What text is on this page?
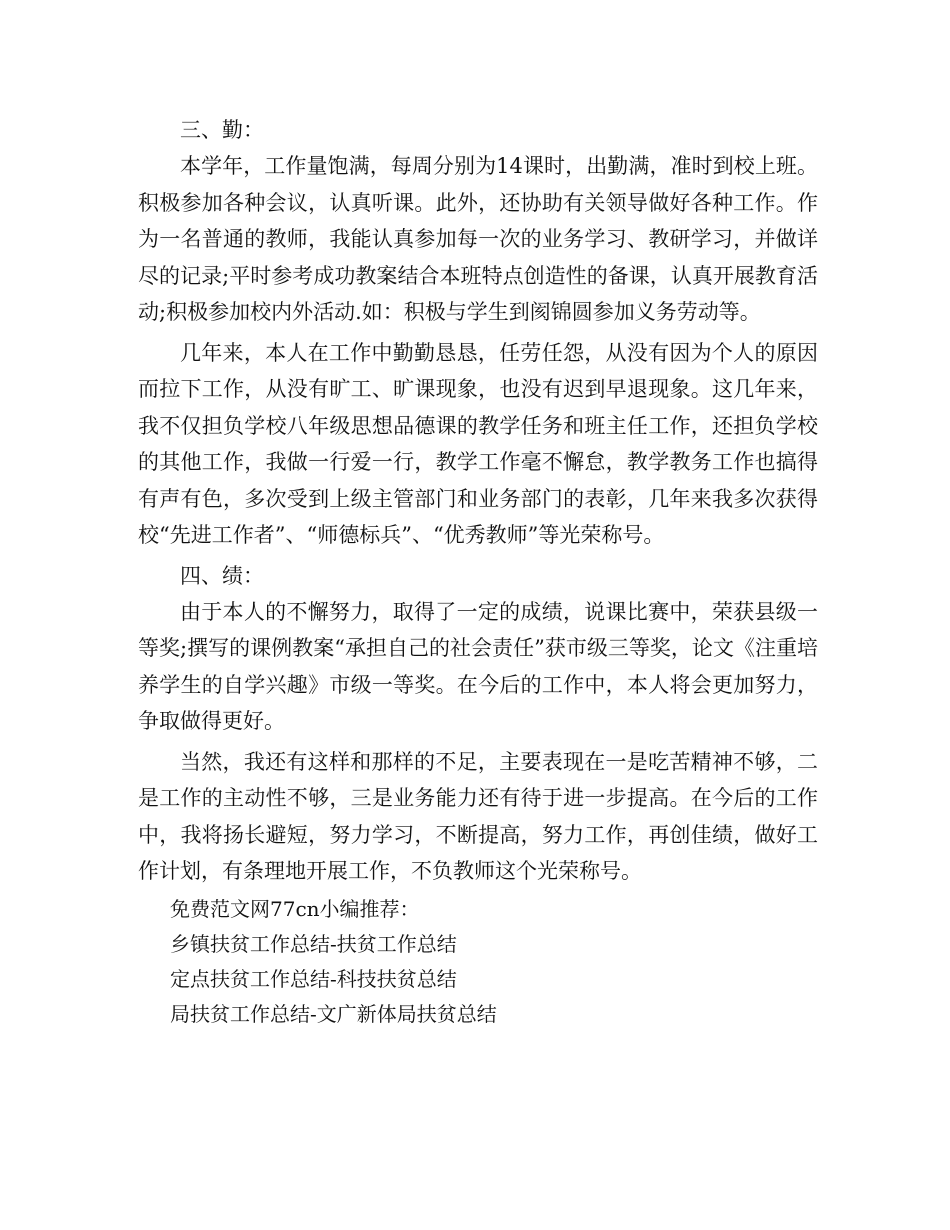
三、勤：

本学年，工作量饱满，每周分别为14课时，出勤满，准时到校上班。积极参加各种会议，认真听课。此外，还协助有关领导做好各种工作。作为一名普通的教师，我能认真参加每一次的业务学习、教研学习，并做详尽的记录;平时参考成功教案结合本班特点创造性的备课，认真开展教育活动;积极参加校内外活动.如：积极与学生到阂锦圆参加义务劳动等。

几年来，本人在工作中勤勤恳恳，任劳任怨，从没有因为个人的原因而拉下工作，从没有旷工、旷课现象，也没有迟到早退现象。这几年来，我不仅担负学校八年级思想品德课的教学任务和班主任工作，还担负学校的其他工作，我做一行爱一行，教学工作毫不懈怠，教学教务工作也搞得有声有色，多次受到上级主管部门和业务部门的表彰，几年来我多次获得校“先进工作者”、“师德标兵”、“优秀教师”等光荣称号。

四、绩：

由于本人的不懈努力，取得了一定的成绩，说课比赛中，荣获县级一等奖;撰写的课例教案“承担自己的社会责任”获市级三等奖，论文《注重培养学生的自学兴趣》市级一等奖。在今后的工作中，本人将会更加努力，争取做得更好。

当然，我还有这样和那样的不足，主要表现在一是吃苦精神不够，二是工作的主动性不够，三是业务能力还有待于进一步提高。在今后的工作中，我将扬长避短，努力学习，不断提高，努力工作，再创佳绩，做好工作计划，有条理地开展工作，不负教师这个光荣称号。

免费范文网77cn小编推荐：
乡镇扶贫工作总结-扶贫工作总结
定点扶贫工作总结-科技扶贫总结
局扶贫工作总结-文广新体局扶贫总结
